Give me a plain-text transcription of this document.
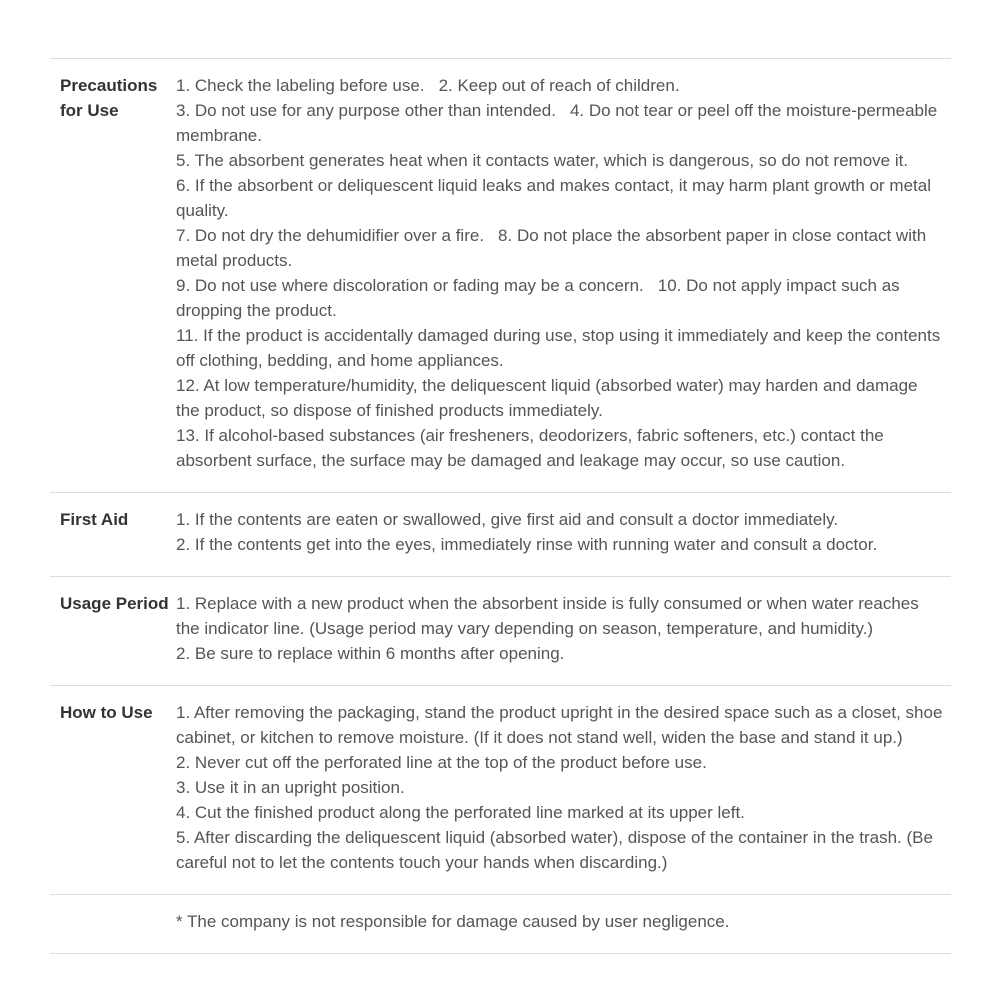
Precautions for Use

1. Check the labeling before use. 2. Keep out of reach of children.

3. Do not use for any purpose other than intended. 4. Do not tear or peel off the moisture-permeable membrane.

5. The absorbent generates heat when it contacts water, which is dangerous, so do not remove it.

6. If the absorbent or deliquescent liquid leaks and makes contact, it may harm plant growth or metal quality.

7. Do not dry the dehumidifier over a fire. 8. Do not place the absorbent paper in close contact with metal products.

9. Do not use where discoloration or fading may be a concern. 10. Do not apply impact such as dropping the product.

11. If the product is accidentally damaged during use, stop using it immediately and keep the contents off clothing, bedding, and home appliances.

12. At low temperature/humidity, the deliquescent liquid (absorbed water) may harden and damage the product, so dispose of finished products immediately.

13. If alcohol-based substances (air fresheners, deodorizers, fabric softeners, etc.) contact the absorbent surface, the surface may be damaged and leakage may occur, so use caution.

First Aid	1. If the contents are eaten or swallowed, give first aid and consult a doctor immediately.

2. If the contents get into the eyes, immediately rinse with running water and consult a doctor.

Usage Period 1. Replace with a new product when the absorbent inside is fully consumed or when water reaches the indicator line. (Usage period may vary depending on season, temperature, and humidity.)

2. Be sure to replace within 6 months after opening.

How to Use	1. After removing the packaging, stand the product upright in the desired space such as a closet, shoe cabinet, or kitchen to remove moisture. (If it does not stand well, widen the base and stand it up.)

2. Never cut off the perforated line at the top of the product before use.

3. Use it in an upright position.

4. Cut the finished product along the perforated line marked at its upper left.

5. After discarding the deliquescent liquid (absorbed water), dispose of the container in the trash. (Be careful not to let the contents touch your hands when discarding.)

* The company is not responsible for damage caused by user negligence.
